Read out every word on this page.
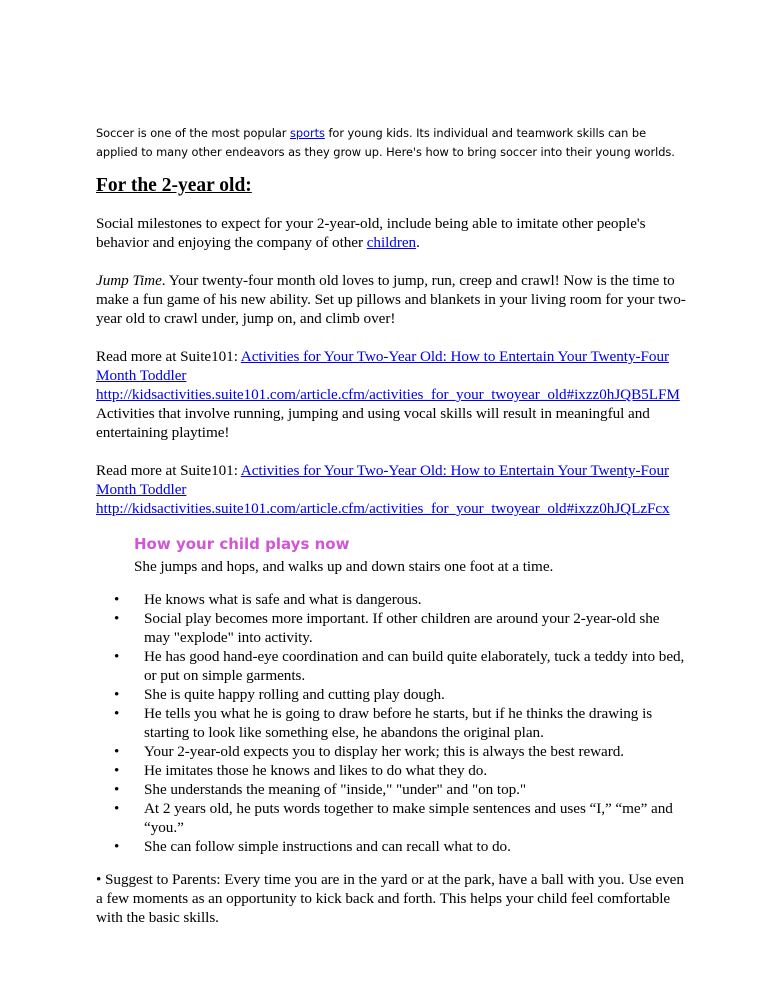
Soccer is one of the most popular sports for young kids. Its individual and teamwork skills can be applied to many other endeavors as they grow up. Here's how to bring soccer into their young worlds.

For the 2-year old:

Social milestones to expect for your 2-year-old, include being able to imitate other people's behavior and enjoying the company of other children.

Jump Time. Your twenty-four month old loves to jump, run, creep and crawl! Now is the time to make a fun game of his new ability. Set up pillows and blankets in your living room for your two-year old to crawl under, jump on, and climb over!

Read more at Suite101: Activities for Your Two-Year Old: How to Entertain Your Twenty-Four Month Toddler
http://kidsactivities.suite101.com/article.cfm/activities_for_your_twoyear_old#ixzz0hJQB5LFM
Activities that involve running, jumping and using vocal skills will result in meaningful and entertaining playtime!

Read more at Suite101: Activities for Your Two-Year Old: How to Entertain Your Twenty-Four Month Toddler
http://kidsactivities.suite101.com/article.cfm/activities_for_your_twoyear_old#ixzz0hJQLzFcx

How your child plays now
She jumps and hops, and walks up and down stairs one foot at a time.
• He knows what is safe and what is dangerous.
• Social play becomes more important. If other children are around your 2-year-old she may "explode" into activity.
• He has good hand-eye coordination and can build quite elaborately, tuck a teddy into bed, or put on simple garments.
• She is quite happy rolling and cutting play dough.
• He tells you what he is going to draw before he starts, but if he thinks the drawing is starting to look like something else, he abandons the original plan.
• Your 2-year-old expects you to display her work; this is always the best reward.
• He imitates those he knows and likes to do what they do.
• She understands the meaning of "inside," "under" and "on top."
• At 2 years old, he puts words together to make simple sentences and uses “I,” “me” and “you.”
• She can follow simple instructions and can recall what to do.

• Suggest to Parents: Every time you are in the yard or at the park, have a ball with you. Use even a few moments as an opportunity to kick back and forth. This helps your child feel comfortable with the basic skills.
